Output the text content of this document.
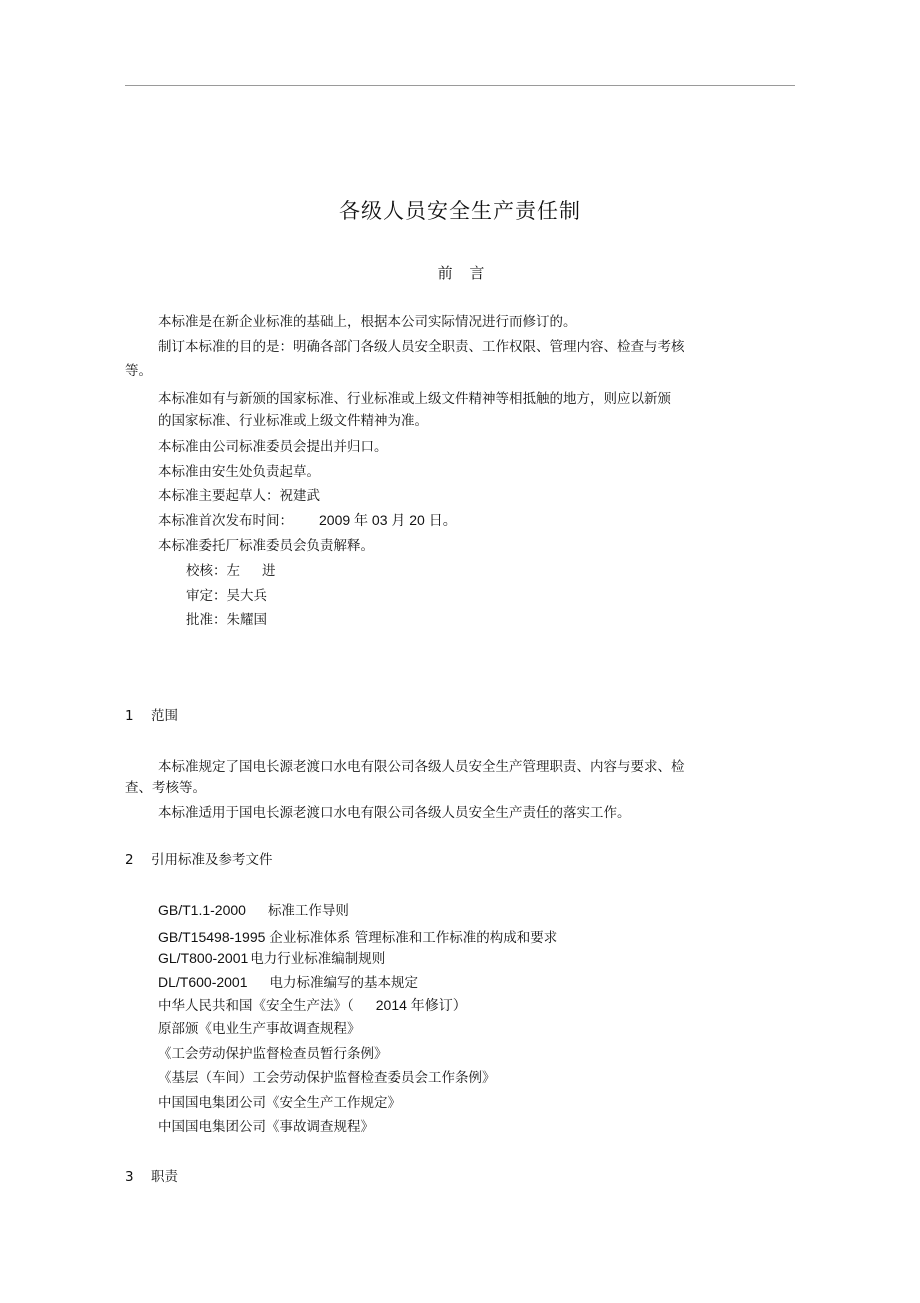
各级人员安全生产责任制
前 言
本标准是在新企业标准的基础上，根据本公司实际情况进行而修订的。
制订本标准的目的是：明确各部门各级人员安全职责、工作权限、管理内容、检查与考核
等。
本标准如有与新颁的国家标准、行业标准或上级文件精神等相抵触的地方，则应以新颁
的国家标准、行业标准或上级文件精神为准。
本标准由公司标准委员会提出并归口。
本标准由安生处负责起草。
本标准主要起草人：祝建武
本标准首次发布时间： 2009 年 03 月 20 日。
本标准委托厂标准委员会负责解释。
校核：左 进
审定：吴大兵
批准：朱耀国
1 范围
本标准规定了国电长源老渡口水电有限公司各级人员安全生产管理职责、内容与要求、检
查、考核等。
本标准适用于国电长源老渡口水电有限公司各级人员安全生产责任的落实工作。
2 引用标准及参考文件
GB/T1.1-2000 标准工作导则
GB/T15498-1995 企业标准体系 管理标准和工作标准的构成和要求
GL/T800-2001 电力行业标准编制规则
DL/T600-2001 电力标准编写的基本规定
中华人民共和国《安全生产法》（ 2014 年修订）
原部颁《电业生产事故调查规程》
《工会劳动保护监督检查员暂行条例》
《基层（车间）工会劳动保护监督检查委员会工作条例》
中国国电集团公司《安全生产工作规定》
中国国电集团公司《事故调查规程》
3 职责
